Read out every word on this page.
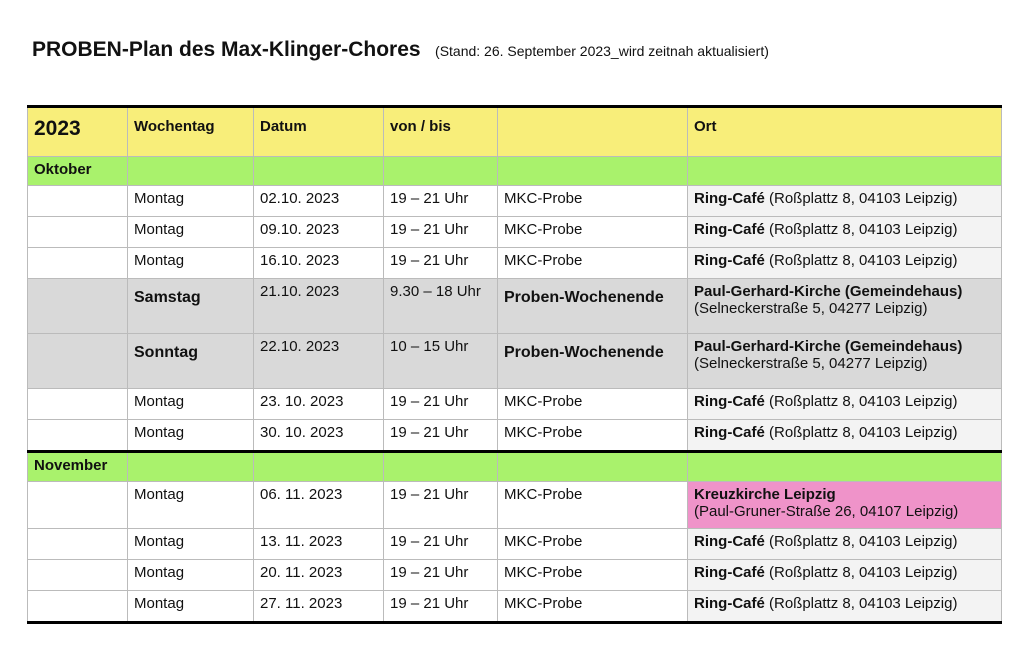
PROBEN-Plan des Max-Klinger-Chores (Stand: 26. September 2023_wird zeitnah aktualisiert)
2023	Wochentag	Datum	von / bis		Ort
Oktober					
	Montag	02.10. 2023	19 – 21 Uhr	MKC-Probe	Ring-Café (Roßplattz 8, 04103 Leipzig)
	Montag	09.10. 2023	19 – 21 Uhr	MKC-Probe	Ring-Café (Roßplattz 8, 04103 Leipzig)
	Montag	16.10. 2023	19 – 21 Uhr	MKC-Probe	Ring-Café (Roßplattz 8, 04103 Leipzig)
	Samstag	21.10. 2023	9.30 – 18 Uhr	Proben-Wochenende	Paul-Gerhard-Kirche (Gemeindehaus)
(Selneckerstraße 5, 04277 Leipzig)
	Sonntag	22.10. 2023	10 – 15 Uhr	Proben-Wochenende	Paul-Gerhard-Kirche (Gemeindehaus)
(Selneckerstraße 5, 04277 Leipzig)
	Montag	23. 10. 2023	19 – 21 Uhr	MKC-Probe	Ring-Café (Roßplattz 8, 04103 Leipzig)
	Montag	30. 10. 2023	19 – 21 Uhr	MKC-Probe	Ring-Café (Roßplattz 8, 04103 Leipzig)
November					
	Montag	06. 11. 2023	19 – 21 Uhr	MKC-Probe	Kreuzkirche Leipzig
(Paul-Gruner-Straße 26, 04107 Leipzig)
	Montag	13. 11. 2023	19 – 21 Uhr	MKC-Probe	Ring-Café (Roßplattz 8, 04103 Leipzig)
	Montag	20. 11. 2023	19 – 21 Uhr	MKC-Probe	Ring-Café (Roßplattz 8, 04103 Leipzig)
	Montag	27. 11. 2023	19 – 21 Uhr	MKC-Probe	Ring-Café (Roßplattz 8, 04103 Leipzig)
